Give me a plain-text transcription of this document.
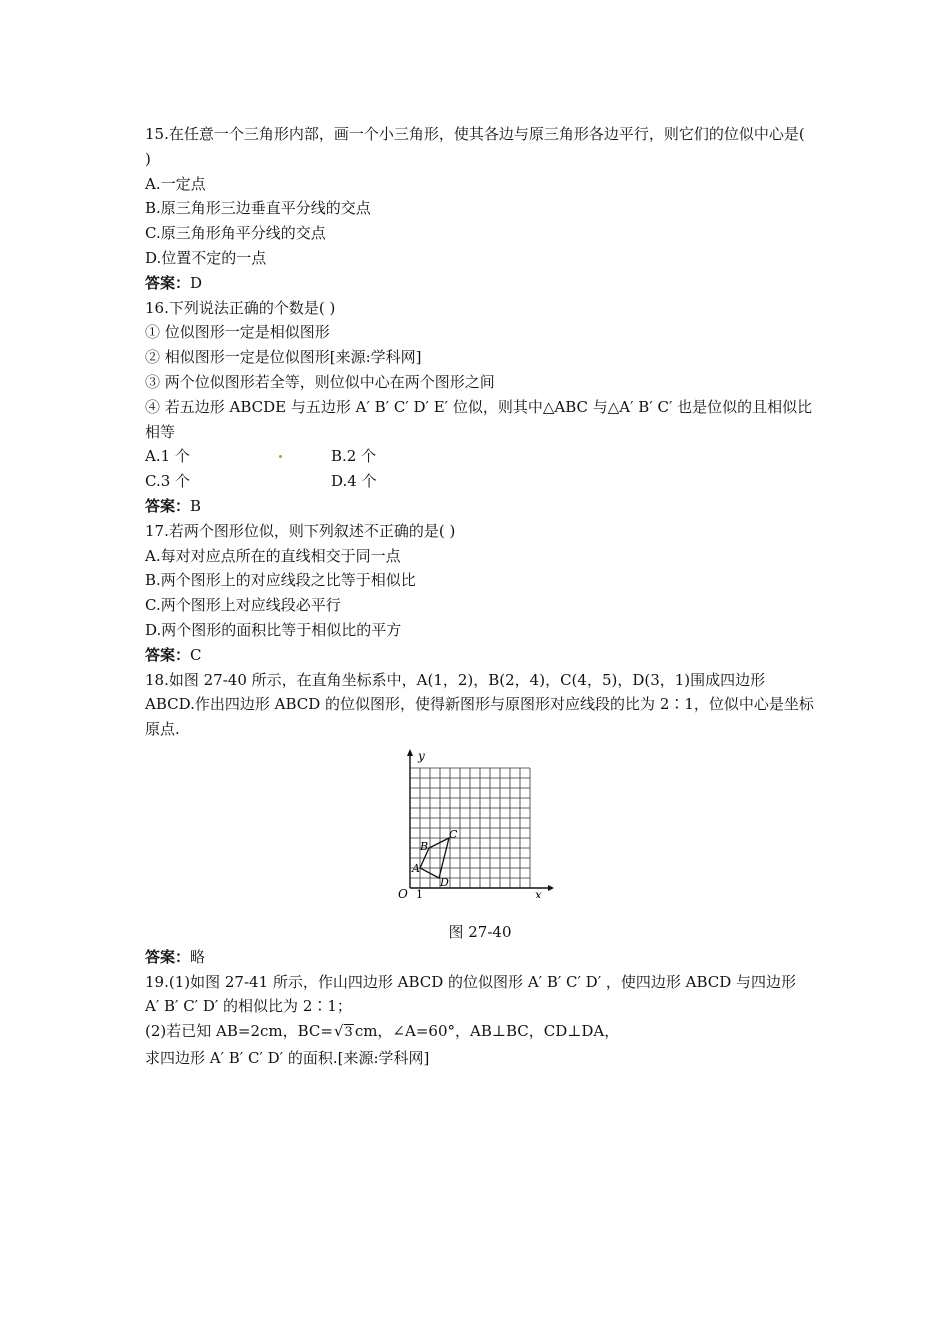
15.在任意一个三角形内部，画一个小三角形，使其各边与原三角形各边平行，则它们的位似中心是( )
A.一定点
B.原三角形三边垂直平分线的交点
C.原三角形角平分线的交点
D.位置不定的一点
答案：D
16.下列说法正确的个数是( )
① 位似图形一定是相似图形
② 相似图形一定是位似图形[来源:学科网]
③ 两个位似图形若全等，则位似中心在两个图形之间
④ 若五边形 ABCDE 与五边形 A′ B′ C′ D′ E′ 位似，则其中△ABC 与△A′ B′ C′ 也是位似的且相似比相等
A.1 个	B.2 个
C.3 个	D.4 个
答案：B
17.若两个图形位似，则下列叙述不正确的是( )
A.每对对应点所在的直线相交于同一点
B.两个图形上的对应线段之比等于相似比
C.两个图形上对应线段必平行
D.两个图形的面积比等于相似比的平方
答案：C
18.如图 27-40 所示，在直角坐标系中，A(1，2)，B(2，4)，C(4，5)，D(3，1)围成四边形 ABCD.作出四边形 ABCD 的位似图形，使得新图形与原图形对应线段的比为 2∶1，位似中心是坐标原点.
y
x
O 1
A
B
C
D
图 27-40
答案：略
19.(1)如图 27-41 所示，作山四边形 ABCD 的位似图形 A′ B′ C′ D′ ，使四边形 ABCD 与四边形 A′ B′ C′ D′ 的相似比为 2∶1；
(2)若已知 AB=2cm，BC=√3 cm，∠A=60°，AB⊥BC，CD⊥DA，
求四边形 A′ B′ C′ D′ 的面积.[来源:学科网]
